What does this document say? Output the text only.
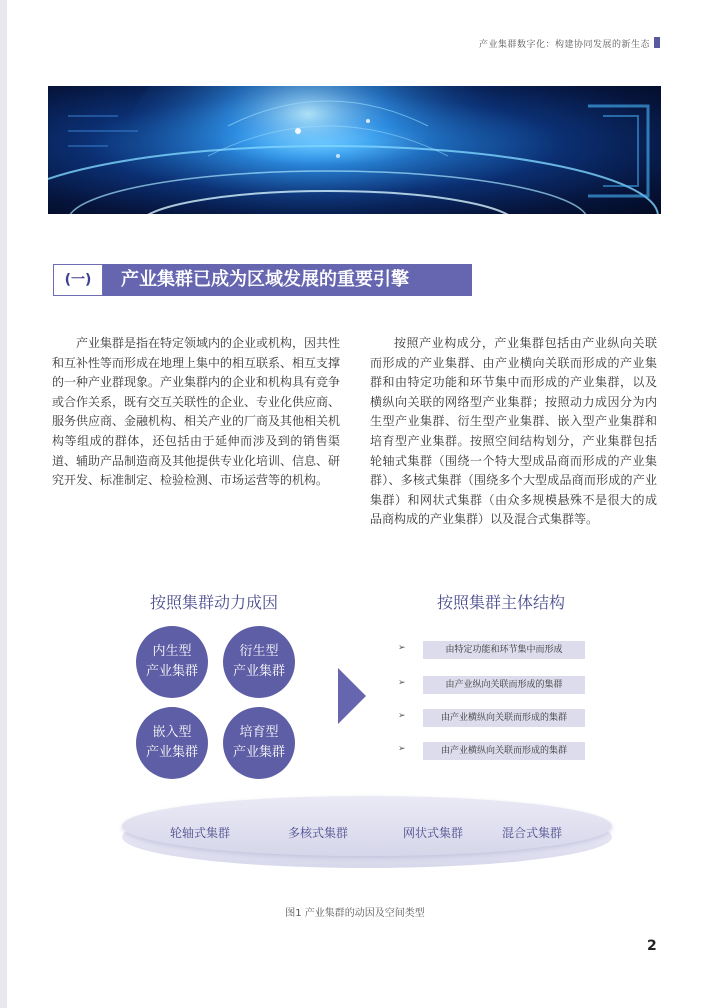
产业集群数字化：构建协同发展的新生态
(一)	产业集群已成为区域发展的重要引擎
产业集群是指在特定领域内的企业或机构，因共性和互补性等而形成在地理上集中的相互联系、相互支撑的一种产业群现象。产业集群内的企业和机构具有竞争或合作关系，既有交互关联性的企业、专业化供应商、服务供应商、金融机构、相关产业的厂商及其他相关机构等组成的群体，还包括由于延伸而涉及到的销售渠道、辅助产品制造商及其他提供专业化培训、信息、研究开发、标准制定、检验检测、市场运营等的机构。
按照产业构成分，产业集群包括由产业纵向关联而形成的产业集群、由产业横向关联而形成的产业集群和由特定功能和环节集中而形成的产业集群，以及横纵向关联的网络型产业集群；按照动力成因分为内生型产业集群、衍生型产业集群、嵌入型产业集群和培育型产业集群。按照空间结构划分，产业集群包括轮轴式集群（围绕一个特大型成品商而形成的产业集群）、多核式集群（围绕多个大型成品商而形成的产业集群）和网状式集群（由众多规模悬殊不是很大的成品商构成的产业集群）以及混合式集群等。
按照集群动力成因	按照集群主体结构
内生型
产业集群
衍生型
产业集群
嵌入型
产业集群
培育型
产业集群
➢	由特定功能和环节集中而形成
➢	由产业纵向关联而形成的集群
➢	由产业横纵向关联而形成的集群
➢	由产业横纵向关联而形成的集群
轮轴式集群	多核式集群	网状式集群	混合式集群
图1 产业集群的动因及空间类型
2
